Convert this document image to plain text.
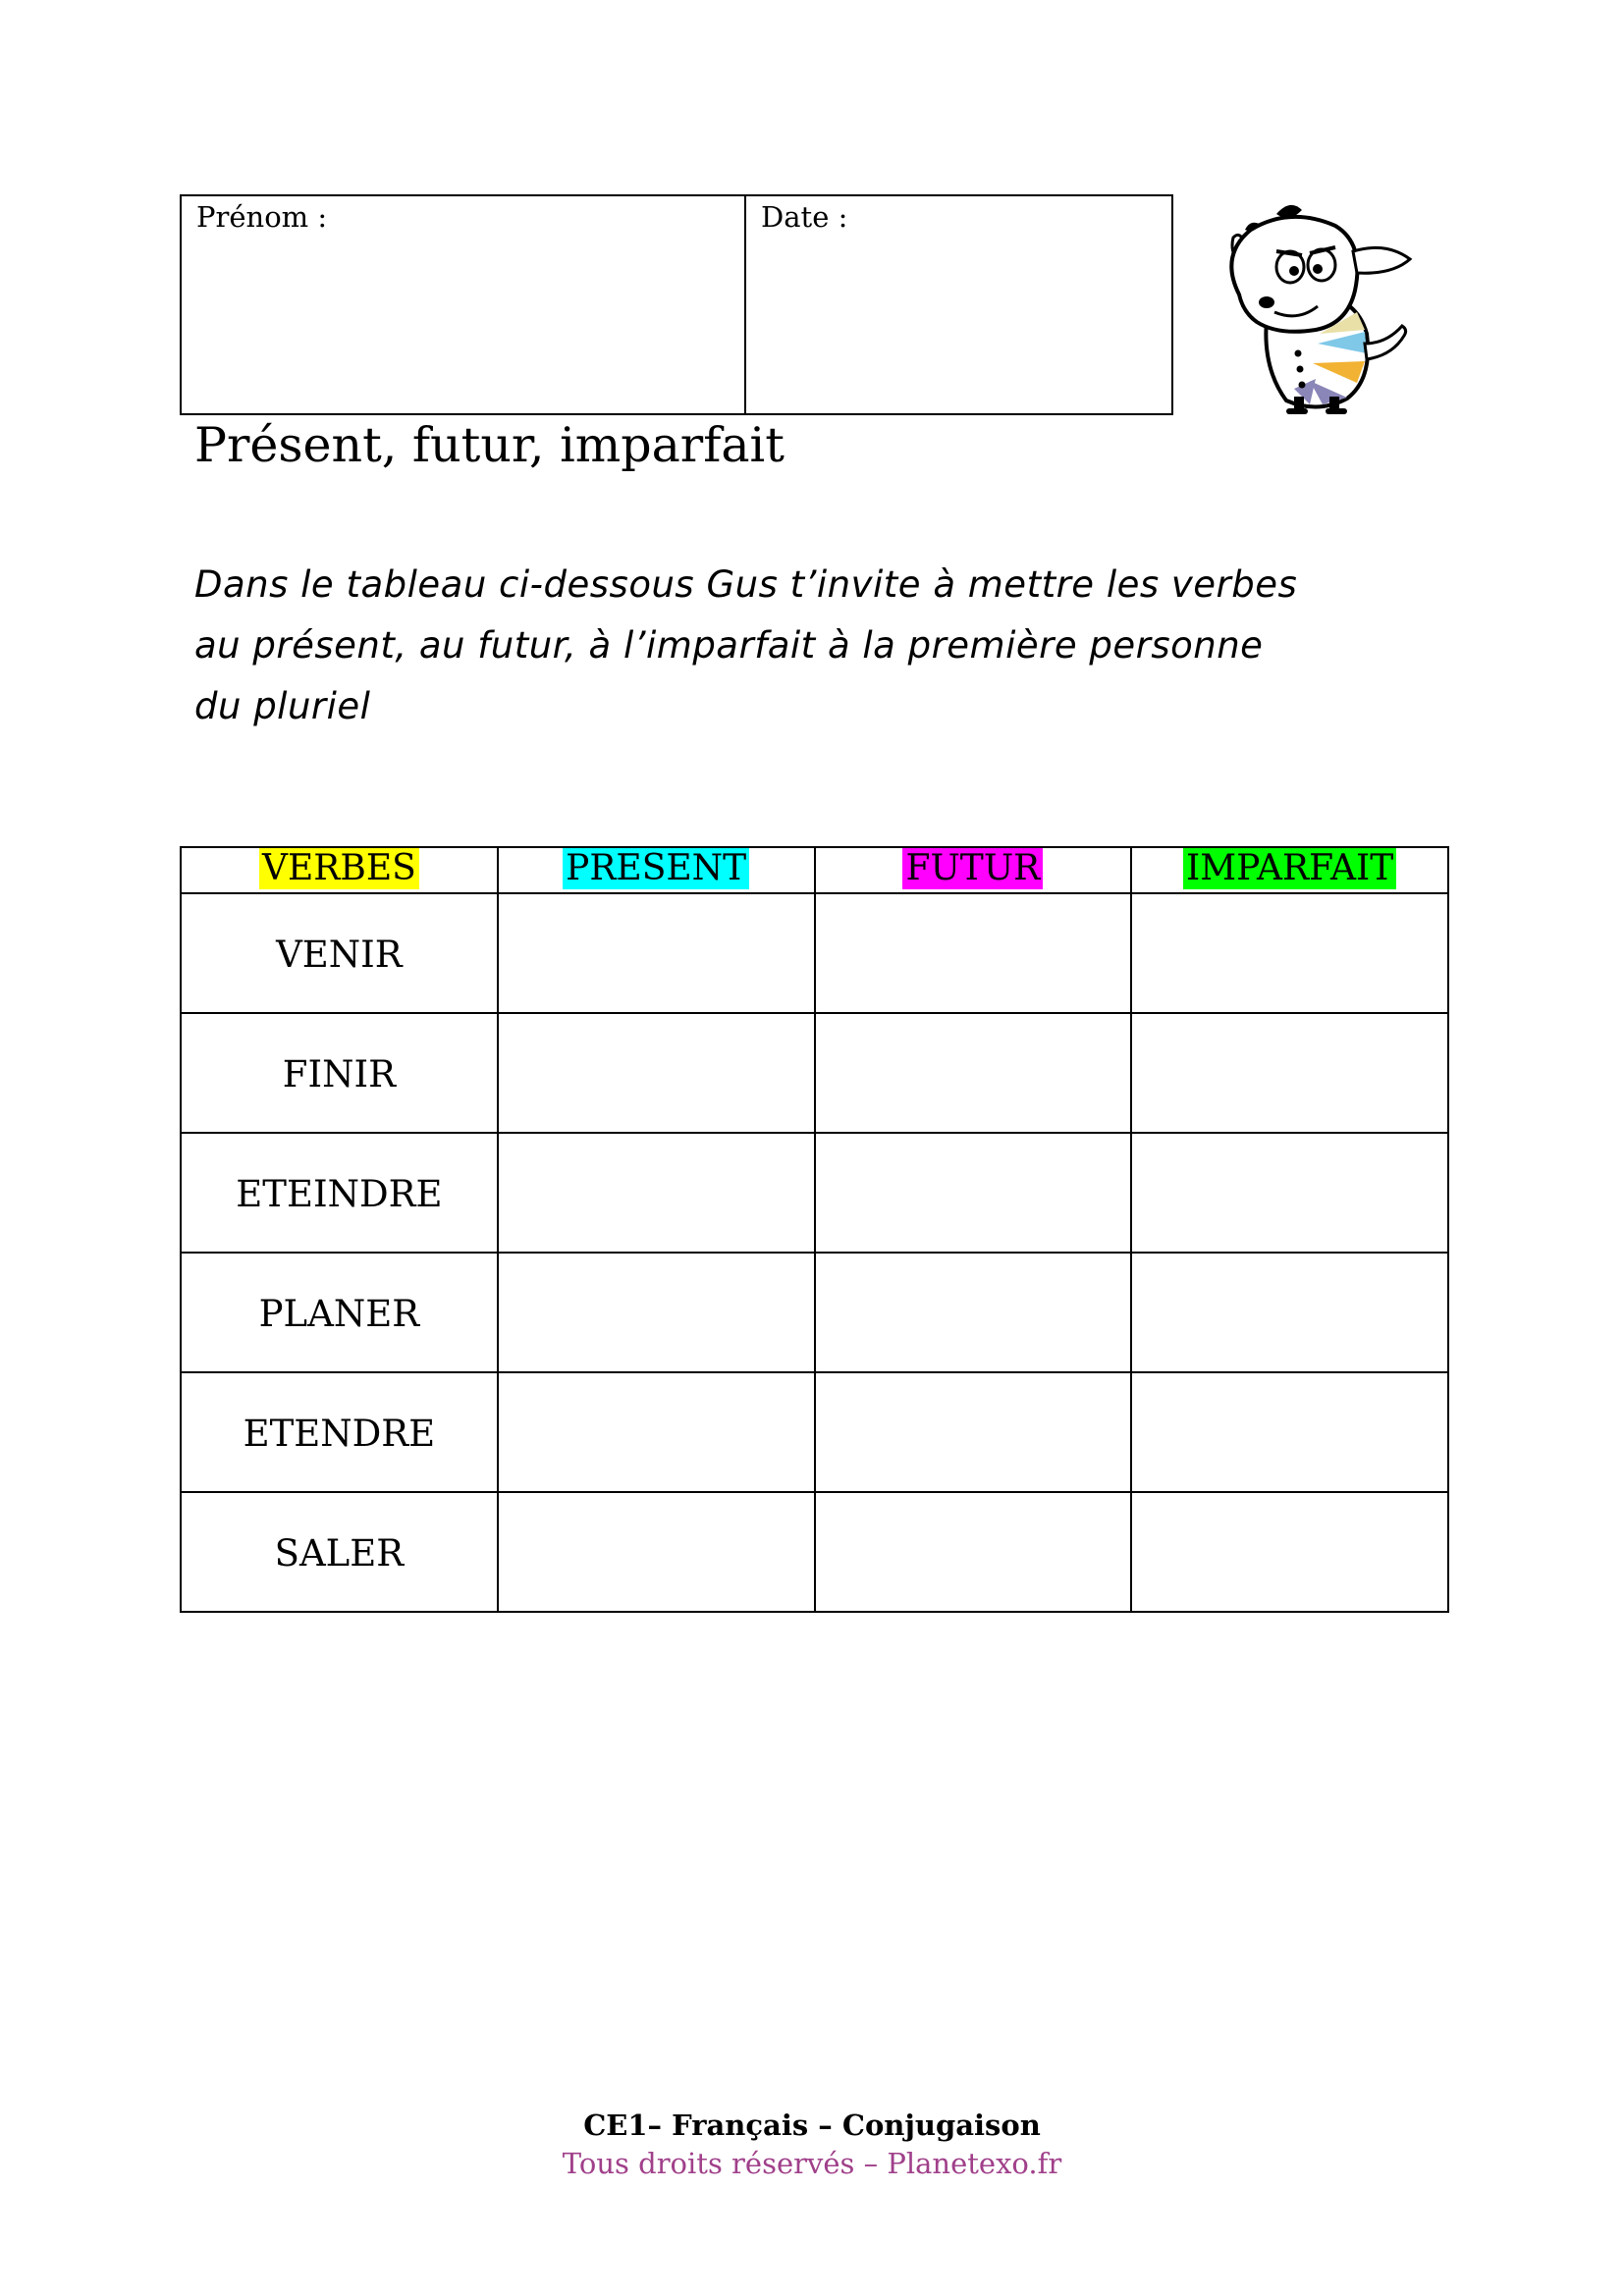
Prénom :	Date :
Présent, futur, imparfait
Dans le tableau ci-dessous Gus t’invite à mettre les verbes
au présent, au futur, à l’imparfait à la première personne
du pluriel
VERBES	PRESENT	FUTUR	IMPARFAIT
VENIR			
FINIR			
ETEINDRE			
PLANER			
ETENDRE			
SALER			
CE1– Français – Conjugaison
Tous droits réservés – Planetexo.fr
